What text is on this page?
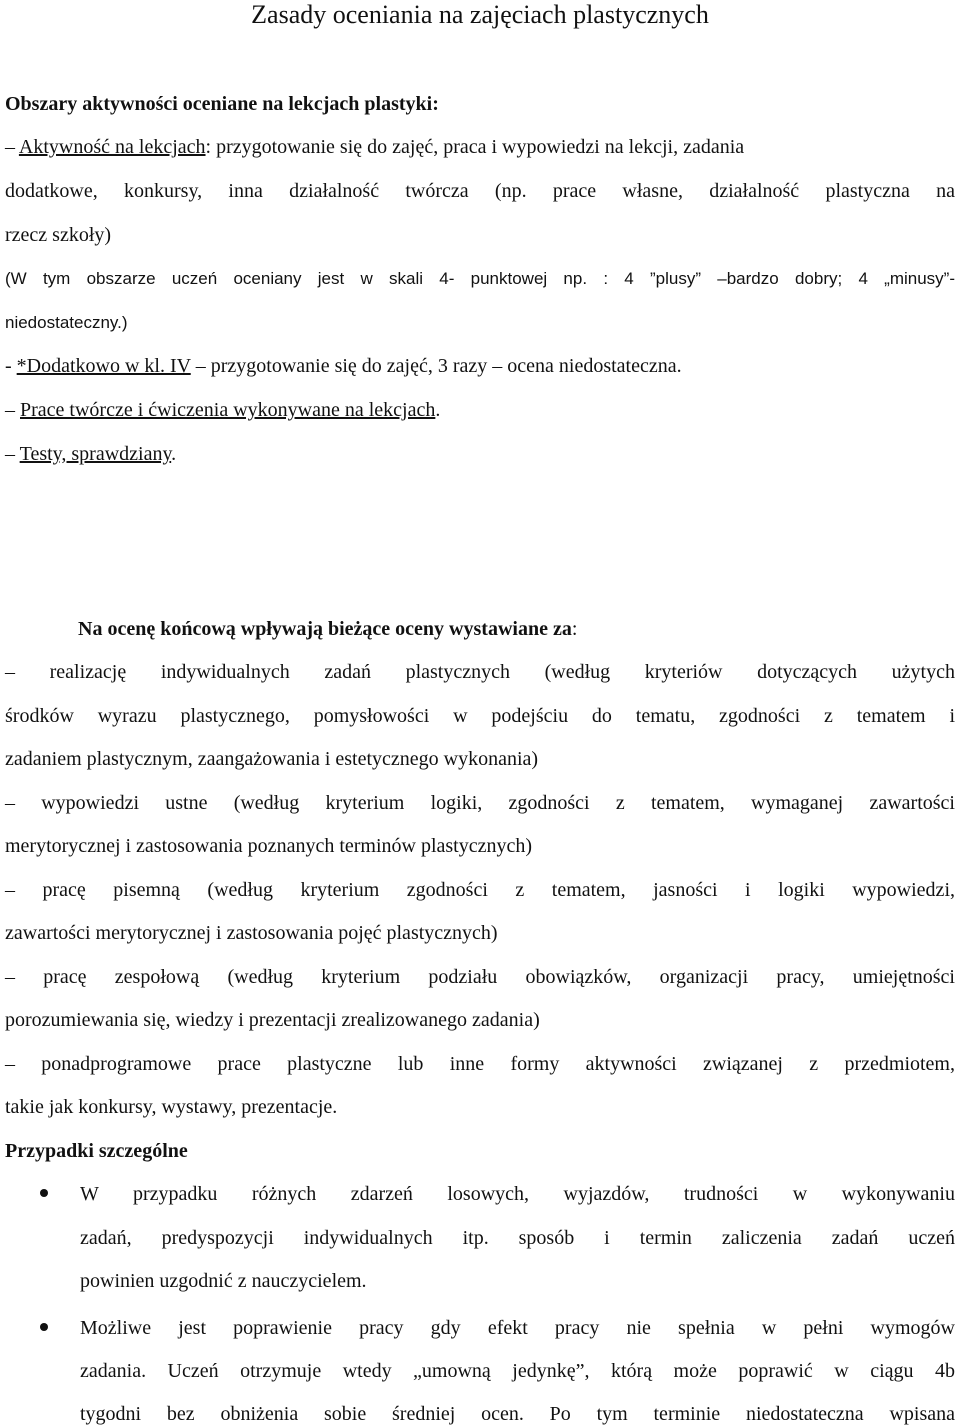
Zasady oceniania na zajęciach plastycznych
Obszary aktywności oceniane na lekcjach plastyki:
– Aktywność na lekcjach: przygotowanie się do zajęć, praca i wypowiedzi na lekcji, zadania
dodatkowe, konkursy, inna działalność twórcza (np. prace własne, działalność plastyczna na
rzecz szkoły)
(W tym obszarze uczeń oceniany jest w skali 4- punktowej np. : 4 ”plusy” –bardzo dobry; 4 „minusy”-
niedostateczny.)
- *Dodatkowo w kl. IV – przygotowanie się do zajęć, 3 razy – ocena niedostateczna.
– Prace twórcze i ćwiczenia wykonywane na lekcjach.
– Testy, sprawdziany.
Na ocenę końcową wpływają bieżące oceny wystawiane za:
– realizację indywidualnych zadań plastycznych (według kryteriów dotyczących użytych
środków wyrazu plastycznego, pomysłowości w podejściu do tematu, zgodności z tematem i
zadaniem plastycznym, zaangażowania i estetycznego wykonania)
– wypowiedzi ustne (według kryterium logiki, zgodności z tematem, wymaganej zawartości
merytorycznej i zastosowania poznanych terminów plastycznych)
– pracę pisemną (według kryterium zgodności z tematem, jasności i logiki wypowiedzi,
zawartości merytorycznej i zastosowania pojęć plastycznych)
– pracę zespołową (według kryterium podziału obowiązków, organizacji pracy, umiejętności
porozumiewania się, wiedzy i prezentacji zrealizowanego zadania)
– ponadprogramowe prace plastyczne lub inne formy aktywności związanej z przedmiotem,
takie jak konkursy, wystawy, prezentacje.
Przypadki szczególne
W przypadku różnych zdarzeń losowych, wyjazdów, trudności w wykonywaniu
zadań, predyspozycji indywidualnych itp. sposób i termin zaliczenia zadań uczeń
powinien uzgodnić z nauczycielem.
Możliwe jest poprawienie pracy gdy efekt pracy nie spełnia w pełni wymogów
zadania. Uczeń otrzymuje wtedy „umowną jedynkę”, którą może poprawić w ciągu 4b
tygodni bez obniżenia sobie średniej ocen. Po tym terminie niedostateczna wpisana
